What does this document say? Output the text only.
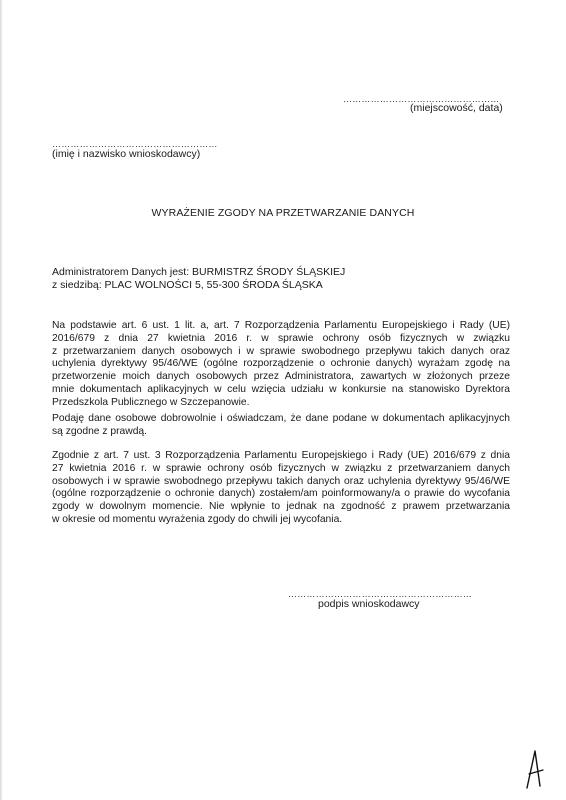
……………………………………………
(miejscowość, data)
………………………………………………
(imię i nazwisko wnioskodawcy)
WYRAŻENIE ZGODY NA PRZETWARZANIE DANYCH
Administratorem Danych jest: BURMISTRZ ŚRODY ŚLĄSKIEJ
z siedzibą: PLAC WOLNOŚCI 5, 55-300 ŚRODA ŚLĄSKA
Na podstawie art. 6 ust. 1 lit. a, art. 7 Rozporządzenia Parlamentu Europejskiego i Rady (UE)
2016/679 z dnia 27 kwietnia 2016 r. w sprawie ochrony osób fizycznych w związku
z przetwarzaniem danych osobowych i w sprawie swobodnego przepływu takich danych oraz
uchylenia dyrektywy 95/46/WE (ogólne rozporządzenie o ochronie danych) wyrażam zgodę na
przetworzenie moich danych osobowych przez Administratora, zawartych w złożonych przeze
mnie dokumentach aplikacyjnych w celu wzięcia udziału w konkursie na stanowisko Dyrektora
Przedszkola Publicznego w Szczepanowie.
Podaję dane osobowe dobrowolnie i oświadczam, że dane podane w dokumentach aplikacyjnych
są zgodne z prawdą.
Zgodnie z art. 7 ust. 3 Rozporządzenia Parlamentu Europejskiego i Rady (UE) 2016/679 z dnia
27 kwietnia 2016 r. w sprawie ochrony osób fizycznych w związku z przetwarzaniem danych
osobowych i w sprawie swobodnego przepływu takich danych oraz uchylenia dyrektywy 95/46/WE
(ogólne rozporządzenie o ochronie danych) zostałem/am poinformowany/a o prawie do wycofania
zgody w dowolnym momencie. Nie wpłynie to jednak na zgodność z prawem przetwarzania
w okresie od momentu wyrażenia zgody do chwili jej wycofania.
……………………………………………………
podpis wnioskodawcy
